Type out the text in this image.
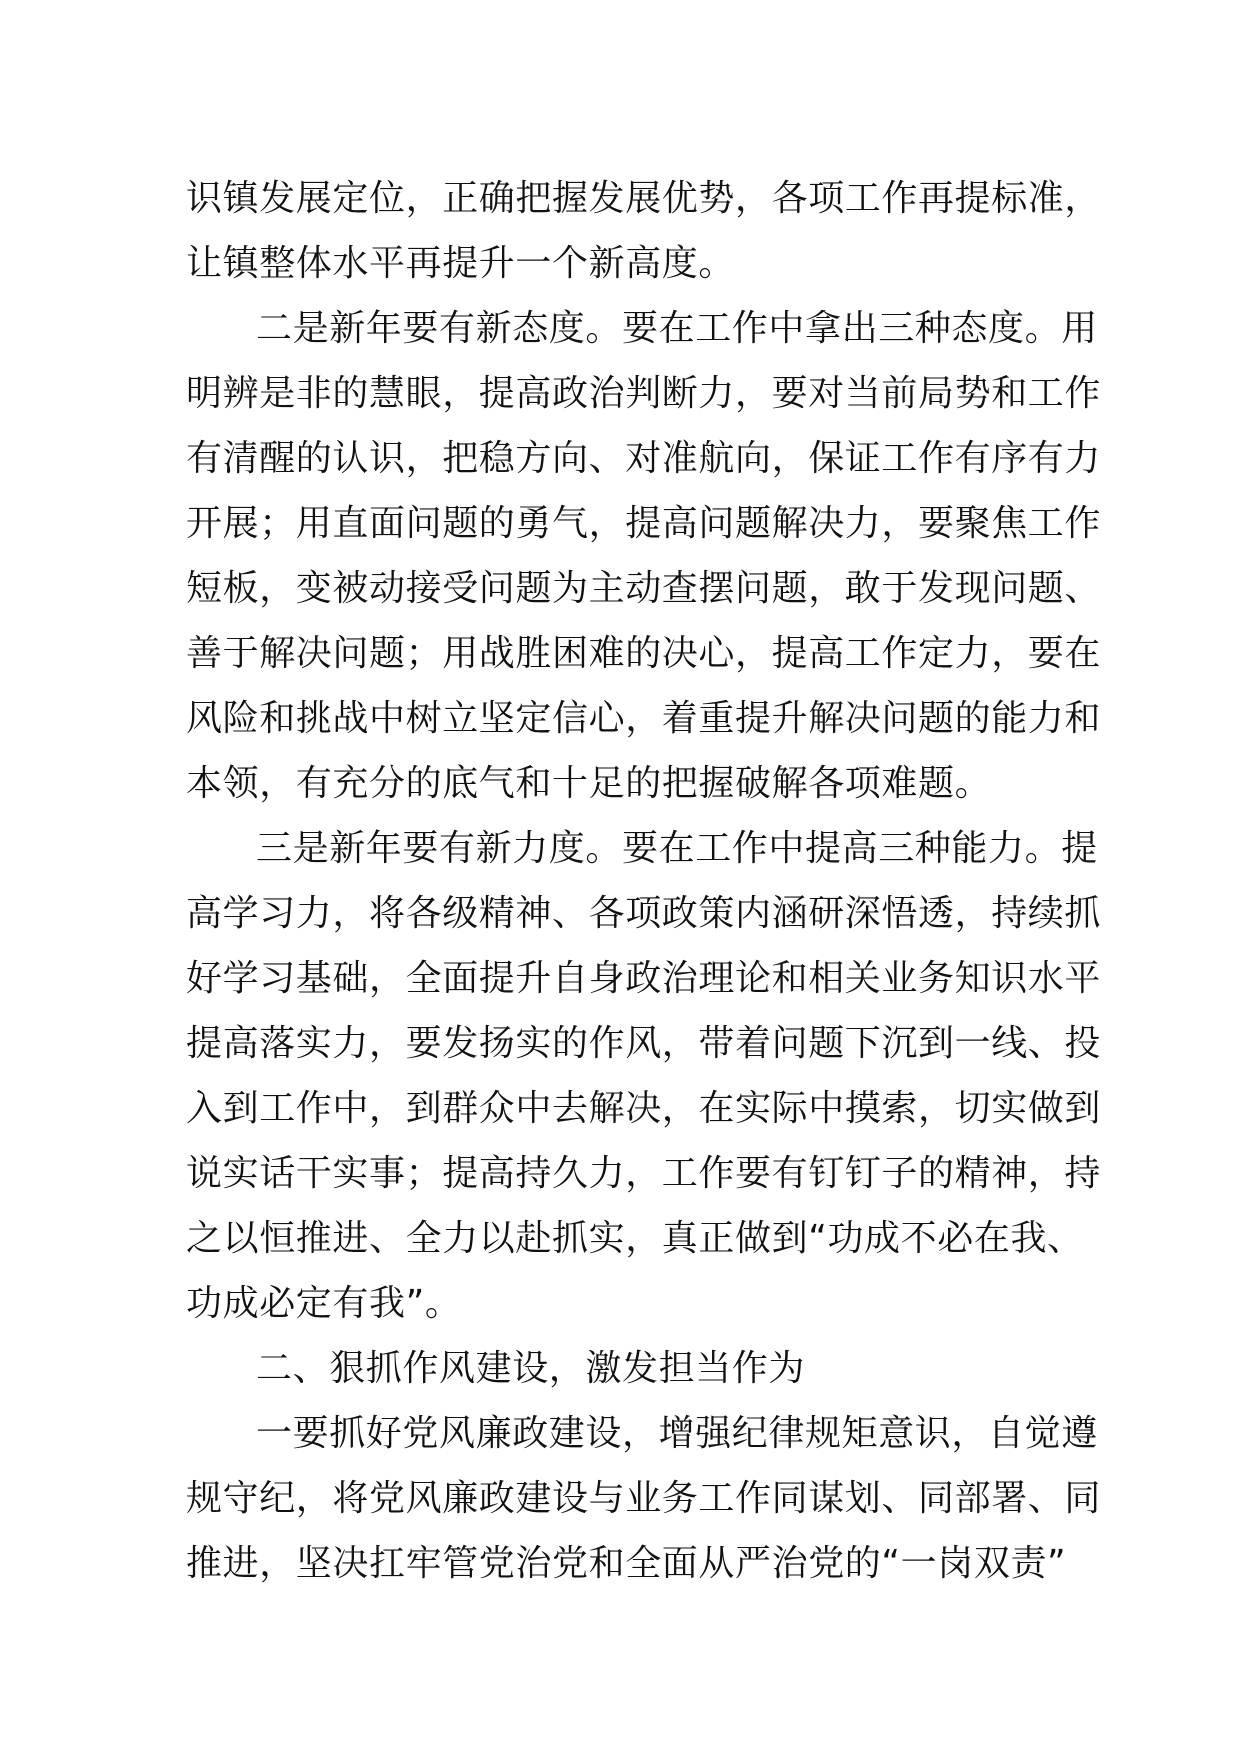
识镇发展定位，正确把握发展优势，各项工作再提标准，
让镇整体水平再提升一个新高度。
二是新年要有新态度。要在工作中拿出三种态度。用
明辨是非的慧眼，提高政治判断力，要对当前局势和工作
有清醒的认识，把稳方向、对准航向，保证工作有序有力
开展；用直面问题的勇气，提高问题解决力，要聚焦工作
短板，变被动接受问题为主动查摆问题，敢于发现问题、
善于解决问题；用战胜困难的决心，提高工作定力，要在
风险和挑战中树立坚定信心，着重提升解决问题的能力和
本领，有充分的底气和十足的把握破解各项难题。
三是新年要有新力度。要在工作中提高三种能力。提
高学习力，将各级精神、各项政策内涵研深悟透，持续抓
好学习基础，全面提升自身政治理论和相关业务知识水平
提高落实力，要发扬实的作风，带着问题下沉到一线、投
入到工作中，到群众中去解决，在实际中摸索，切实做到
说实话干实事；提高持久力，工作要有钉钉子的精神，持
之以恒推进、全力以赴抓实，真正做到“功成不必在我、
功成必定有我”。
二、狠抓作风建设，激发担当作为
一要抓好党风廉政建设，增强纪律规矩意识，自觉遵
规守纪，将党风廉政建设与业务工作同谋划、同部署、同
推进，坚决扛牢管党治党和全面从严治党的“一岗双责”
